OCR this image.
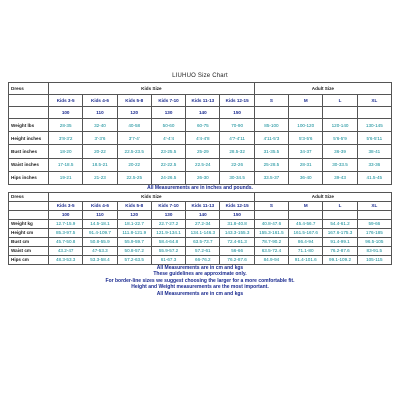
LIUHUO Size Chart
Dress	Kids Size						Adult Size			
	Kids 3-5	Kids 4-6	Kids 5-8	Kids 7-10	Kids 11-13	Kids 12-15	S	M	L	XL
	100	110	120	130	140	150				
Weight lbs	28-35	32-40	40-58	50-60	60-75	70-90	85-100	100-120	120-140	130-145
Height inches	3'8-3'2	3'-3'6	3'7-4'	4'-4'4	4'4-4'8	4'7-4'11	4'11-5'3	5'3-5'6	5'6-5'9	5'6-5'11
Bust inches	18-20	20-22	22.5-23.5	23-25.5	25-29	28.5-32	31-35.5	34-37	36-39	38-41
Waist inches	17-18.5	18.5-21	20-22	22-22.5	22.5-24	22-26	25-28.5	28-31	30-33.5	33-36
Hips inches	19-21	21-23	22.5-25	24-26.5	26-30	30-34.5	33.5-37	36-40	39-43	41.5-45
All Measurements are in inches and pounds.
Dress	Kids Size						Adult Size			
	Kids 3-5	Kids 4-6	Kids 5-8	Kids 7-10	Kids 11-13	Kids 12-15	S	M	L	XL
	100	110	120	130	140	150				
Weight kg	12.7-15.9	14.5-18.1	18.1-22.7	22.7-27.2	27.2-34	31.8-40.8	40.8-47.6	45.4-56.7	54.4-61.2	59-66
Height cm	85.3-97.5	91.4-109.7	111.8-121.9	121.9-134.1	134.1-146.3	143.3-155.3	155.3-161.5	161.5-167.6	167.6-175.3	176-185
Bust cm	45.7-50.8	50.8-55.9	55.9-59.7	58.4-64.8	63.5-73.7	72.4-81.3	78.7-90.2	86.4-94	91.4-99.1	96.5-105
Waist cm	43.2-47	47-53.3	50.8-57.2	55.9-57.2	57.2-61	56-66	63.5-72.4	71.1-80	76.2-87.6	83-91.5
Hips cm	48.3-53.3	53.3-58.4	57.2-63.5	61-67.3	66-76.2	76.2-87.6	84.9-94	91.4-101.6	99.1-109.2	105-115
All Measurements are in cm and kgs
These guidelines are approximate only.
For border-line sizes we suggest choosing the larger for a more comfortable fit.
Height and Weight measurements are the most important.
All Measurements are in cm and kgs
